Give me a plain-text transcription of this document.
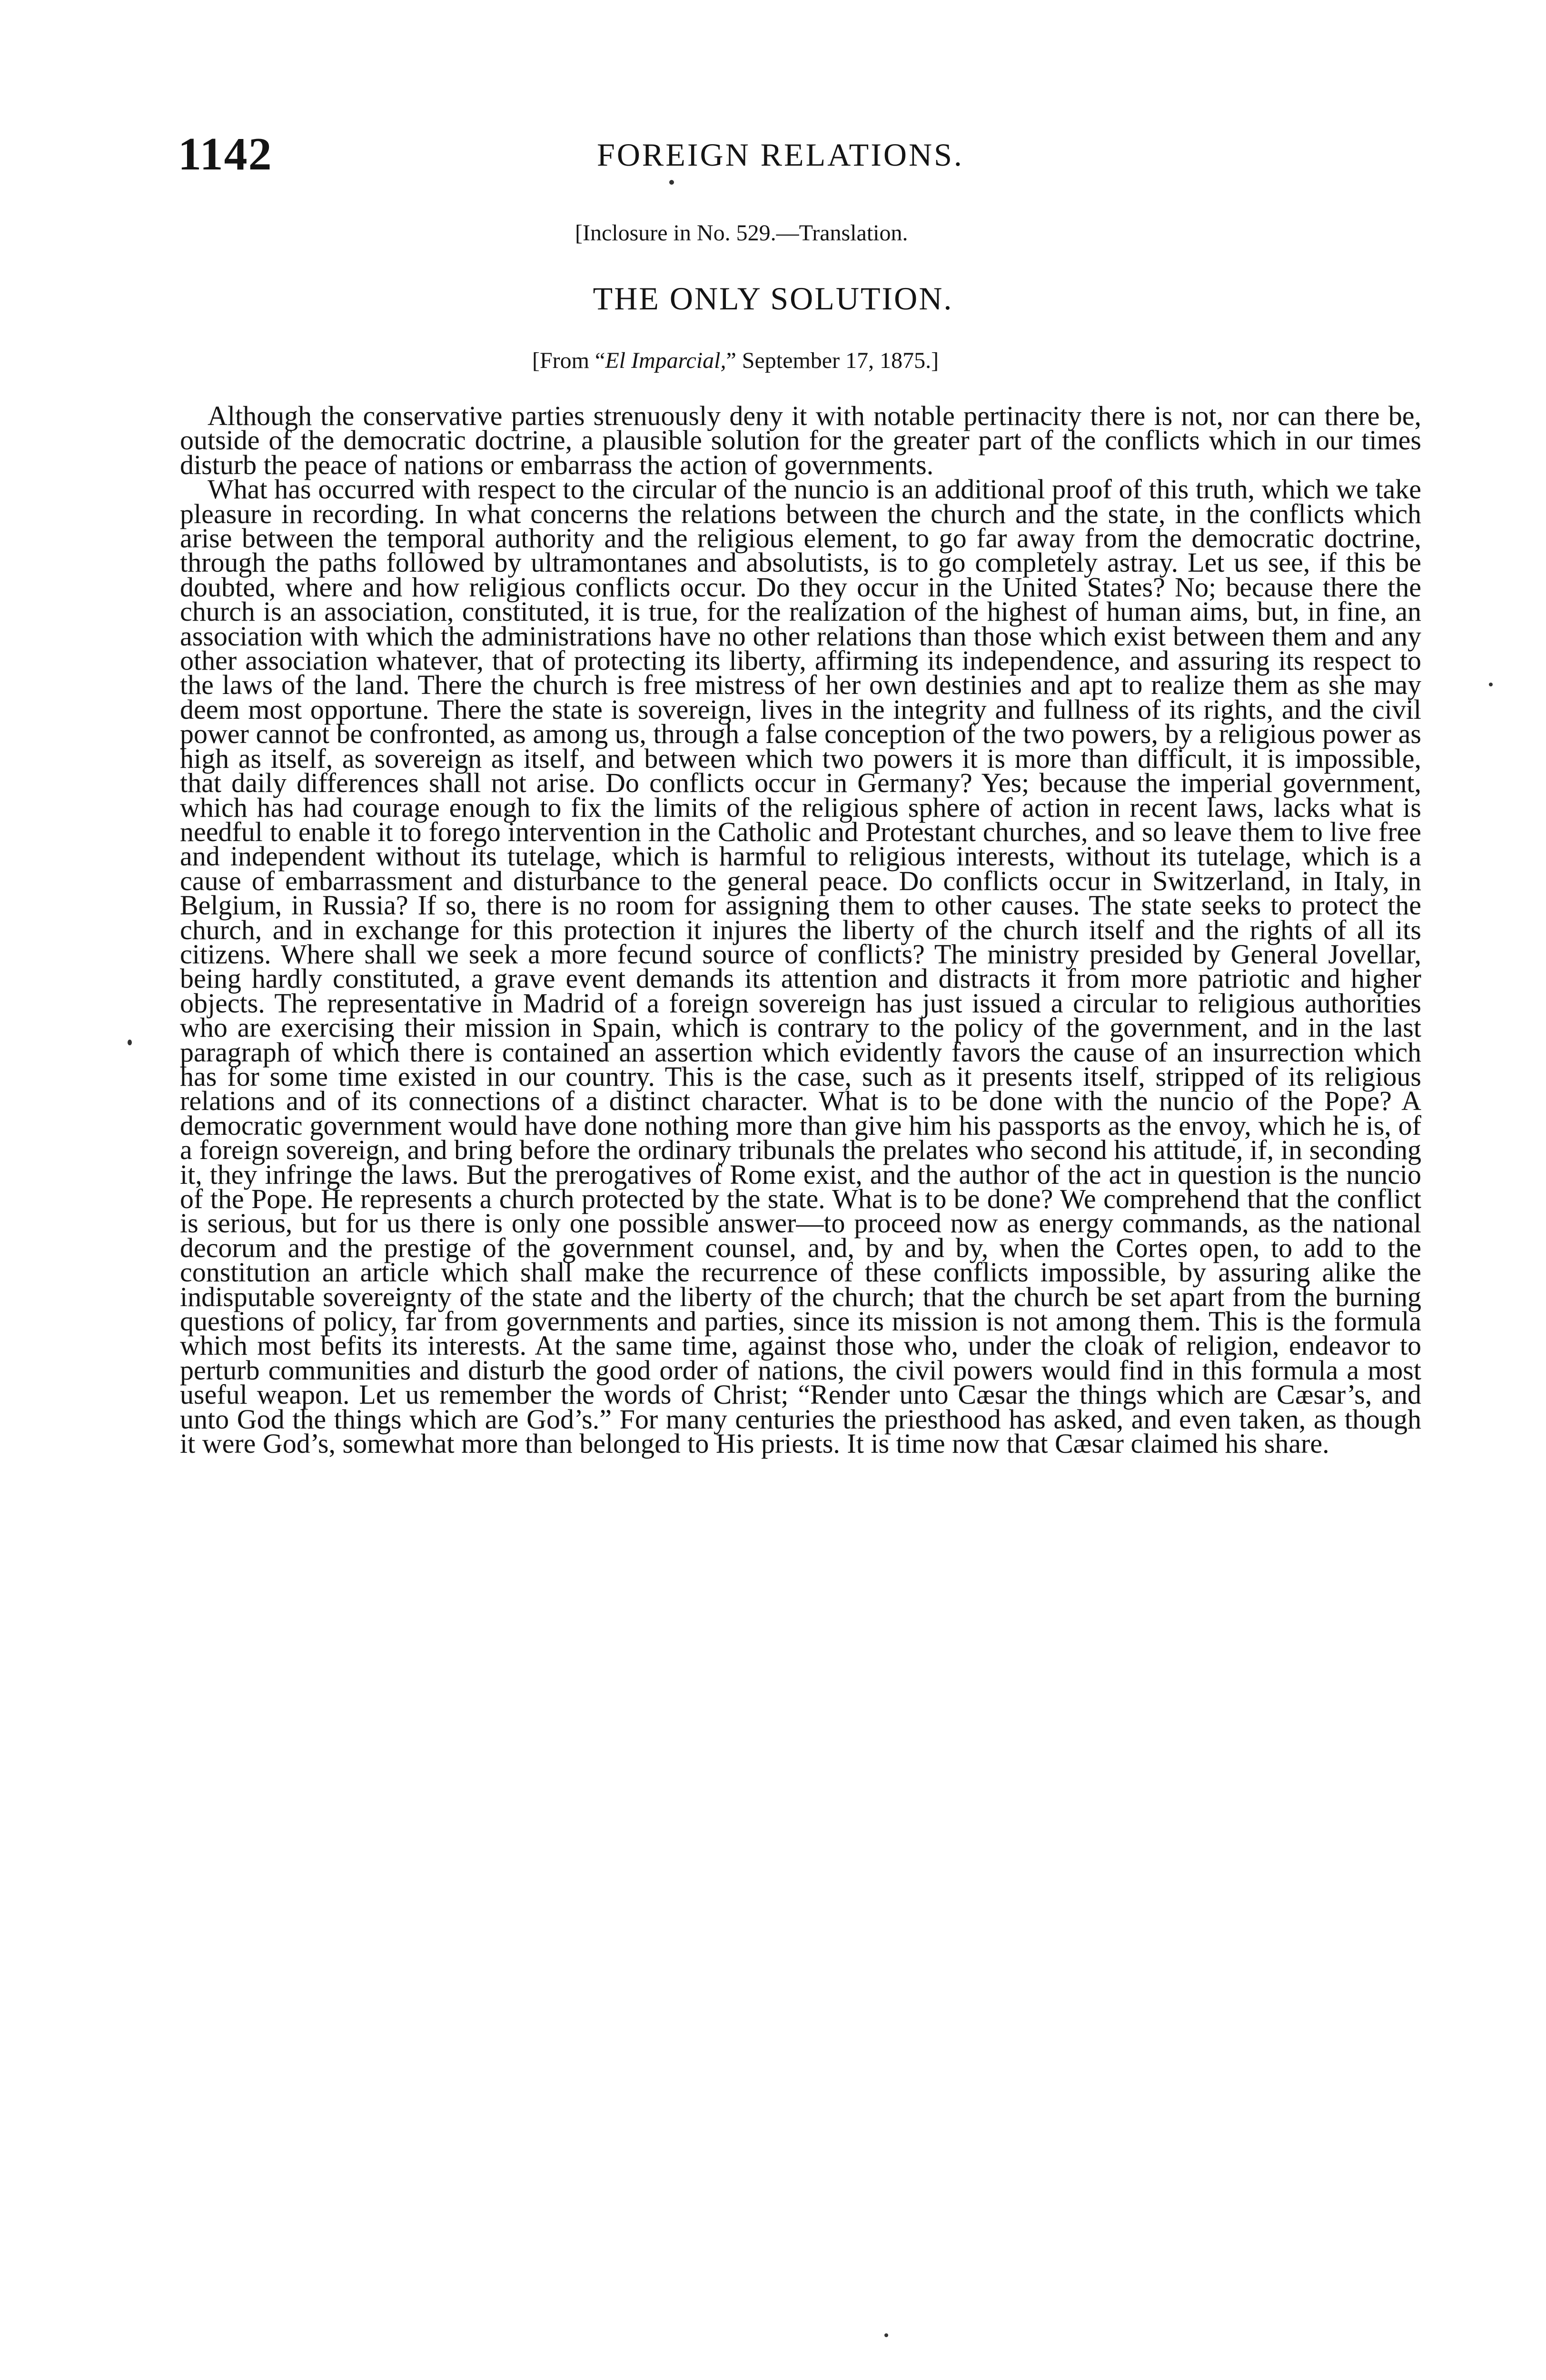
1142	FOREIGN RELATIONS.
[Inclosure in No. 529.—Translation.
THE ONLY SOLUTION.
[From “El Imparcial,” September 17, 1875.]

Although the conservative parties strenuously deny it with notable pertinacity there is not, nor can there be, outside of the democratic doctrine, a plausible solution for the greater part of the conflicts which in our times disturb the peace of nations or embarrass the action of governments.

What has occurred with respect to the circular of the nuncio is an additional proof of this truth, which we take pleasure in recording. In what concerns the relations between the church and the state, in the conflicts which arise between the temporal authority and the religious element, to go far away from the democratic doctrine, through the paths followed by ultramontanes and absolutists, is to go completely astray. Let us see, if this be doubted, where and how religious conflicts occur. Do they occur in the United States? No; because there the church is an association, constituted, it is true, for the realization of the highest of human aims, but, in fine, an association with which the administrations have no other relations than those which exist between them and any other association whatever, that of protecting its liberty, affirming its independence, and assuring its respect to the laws of the land. There the church is free mistress of her own destinies and apt to realize them as she may deem most opportune. There the state is sovereign, lives in the integrity and fullness of its rights, and the civil power cannot be confronted, as among us, through a false conception of the two powers, by a religious power as high as itself, as sovereign as itself, and between which two powers it is more than difficult, it is impossible, that daily differences shall not arise. Do conflicts occur in Germany? Yes; because the imperial government, which has had courage enough to fix the limits of the religious sphere of action in recent laws, lacks what is needful to enable it to forego intervention in the Catholic and Protestant churches, and so leave them to live free and independent without its tutelage, which is harmful to religious interests, without its tutelage, which is a cause of embarrassment and disturbance to the general peace. Do conflicts occur in Switzerland, in Italy, in Belgium, in Russia? If so, there is no room for assigning them to other causes. The state seeks to protect the church, and in exchange for this protection it injures the liberty of the church itself and the rights of all its citizens. Where shall we seek a more fecund source of conflicts? The ministry presided by General Jovellar, being hardly constituted, a grave event demands its attention and distracts it from more patriotic and higher objects. The representative in Madrid of a foreign sovereign has just issued a circular to religious authorities who are exercising their mission in Spain, which is contrary to the policy of the government, and in the last paragraph of which there is contained an assertion which evidently favors the cause of an insurrection which has for some time existed in our country. This is the case, such as it presents itself, stripped of its religious relations and of its connections of a distinct character. What is to be done with the nuncio of the Pope? A democratic government would have done nothing more than give him his passports as the envoy, which he is, of a foreign sovereign, and bring before the ordinary tribunals the prelates who second his attitude, if, in seconding it, they infringe the laws. But the prerogatives of Rome exist, and the author of the act in question is the nuncio of the Pope. He represents a church protected by the state. What is to be done? We comprehend that the conflict is serious, but for us there is only one possible answer—to proceed now as energy commands, as the national decorum and the prestige of the government counsel, and, by and by, when the Cortes open, to add to the constitution an article which shall make the recurrence of these conflicts impossible, by assuring alike the indisputable sovereignty of the state and the liberty of the church; that the church be set apart from the burning questions of policy, far from governments and parties, since its mission is not among them. This is the formula which most befits its interests. At the same time, against those who, under the cloak of religion, endeavor to perturb communities and disturb the good order of nations, the civil powers would find in this formula a most useful weapon. Let us remember the words of Christ; “Render unto Cæsar the things which are Cæsar’s, and unto God the things which are God’s.” For many centuries the priesthood has asked, and even taken, as though it were God’s, somewhat more than belonged to His priests. It is time now that Cæsar claimed his share.
